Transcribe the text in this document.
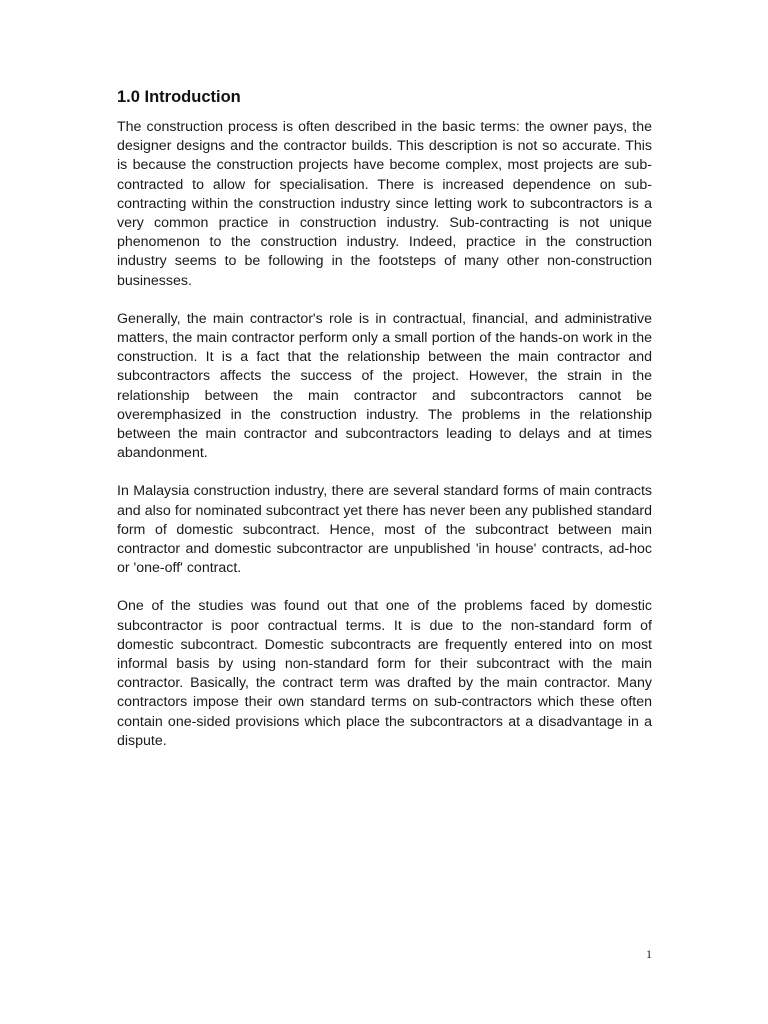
1.0 Introduction

The construction process is often described in the basic terms: the owner pays, the designer designs and the contractor builds. This description is not so accurate. This is because the construction projects have become complex, most projects are sub-contracted to allow for specialisation. There is increased dependence on sub-contracting within the construction industry since letting work to subcontractors is a very common practice in construction industry. Sub-contracting is not unique phenomenon to the construction industry. Indeed, practice in the construction industry seems to be following in the footsteps of many other non-construction businesses.

Generally, the main contractor's role is in contractual, financial, and administrative matters, the main contractor perform only a small portion of the hands-on work in the construction. It is a fact that the relationship between the main contractor and subcontractors affects the success of the project. However, the strain in the relationship between the main contractor and subcontractors cannot be overemphasized in the construction industry. The problems in the relationship between the main contractor and subcontractors leading to delays and at times abandonment.

In Malaysia construction industry, there are several standard forms of main contracts and also for nominated subcontract yet there has never been any published standard form of domestic subcontract. Hence, most of the subcontract between main contractor and domestic subcontractor are unpublished 'in house' contracts, ad-hoc or 'one-off' contract.

One of the studies was found out that one of the problems faced by domestic subcontractor is poor contractual terms. It is due to the non-standard form of domestic subcontract. Domestic subcontracts are frequently entered into on most informal basis by using non-standard form for their subcontract with the main contractor. Basically, the contract term was drafted by the main contractor. Many contractors impose their own standard terms on sub-contractors which these often contain one-sided provisions which place the subcontractors at a disadvantage in a dispute.

1
